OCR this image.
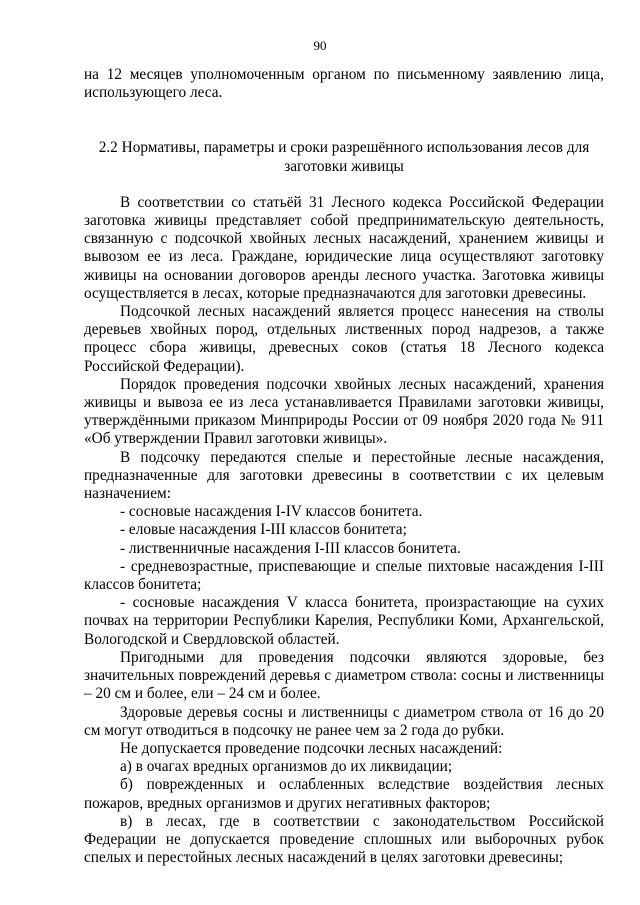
90

на 12 месяцев уполномоченным органом по письменному заявлению лица, использующего леса.

2.2 Нормативы, параметры и сроки разрешённого использования лесов для заготовки живицы

В соответствии со статьёй 31 Лесного кодекса Российской Федерации заготовка живицы представляет собой предпринимательскую деятельность, связанную с подсочкой хвойных лесных насаждений, хранением живицы и вывозом ее из леса. Граждане, юридические лица осуществляют заготовку живицы на основании договоров аренды лесного участка. Заготовка живицы осуществляется в лесах, которые предназначаются для заготовки древесины.

Подсочкой лесных насаждений является процесс нанесения на стволы деревьев хвойных пород, отдельных лиственных пород надрезов, а также процесс сбора живицы, древесных соков (статья 18 Лесного кодекса Российской Федерации).

Порядок проведения подсочки хвойных лесных насаждений, хранения живицы и вывоза ее из леса устанавливается Правилами заготовки живицы, утверждёнными приказом Минприроды России от 09 ноября 2020 года № 911 «Об утверждении Правил заготовки живицы».

В подсочку передаются спелые и перестойные лесные насаждения, предназначенные для заготовки древесины в соответствии с их целевым назначением:

- сосновые насаждения I-IV классов бонитета.

- еловые насаждения I-III классов бонитета;

- лиственничные насаждения I-III классов бонитета.

- средневозрастные, приспевающие и спелые пихтовые насаждения I-III классов бонитета;

- сосновые насаждения V класса бонитета, произрастающие на сухих почвах на территории Республики Карелия, Республики Коми, Архангельской, Вологодской и Свердловской областей.

Пригодными для проведения подсочки являются здоровые, без значительных повреждений деревья с диаметром ствола: сосны и лиственницы – 20 см и более, ели – 24 см и более.

Здоровые деревья сосны и лиственницы с диаметром ствола от 16 до 20 см могут отводиться в подсочку не ранее чем за 2 года до рубки.

Не допускается проведение подсочки лесных насаждений:

а) в очагах вредных организмов до их ликвидации;

б) поврежденных и ослабленных вследствие воздействия лесных пожаров, вредных организмов и других негативных факторов;

в) в лесах, где в соответствии с законодательством Российской Федерации не допускается проведение сплошных или выборочных рубок спелых и перестойных лесных насаждений в целях заготовки древесины;
